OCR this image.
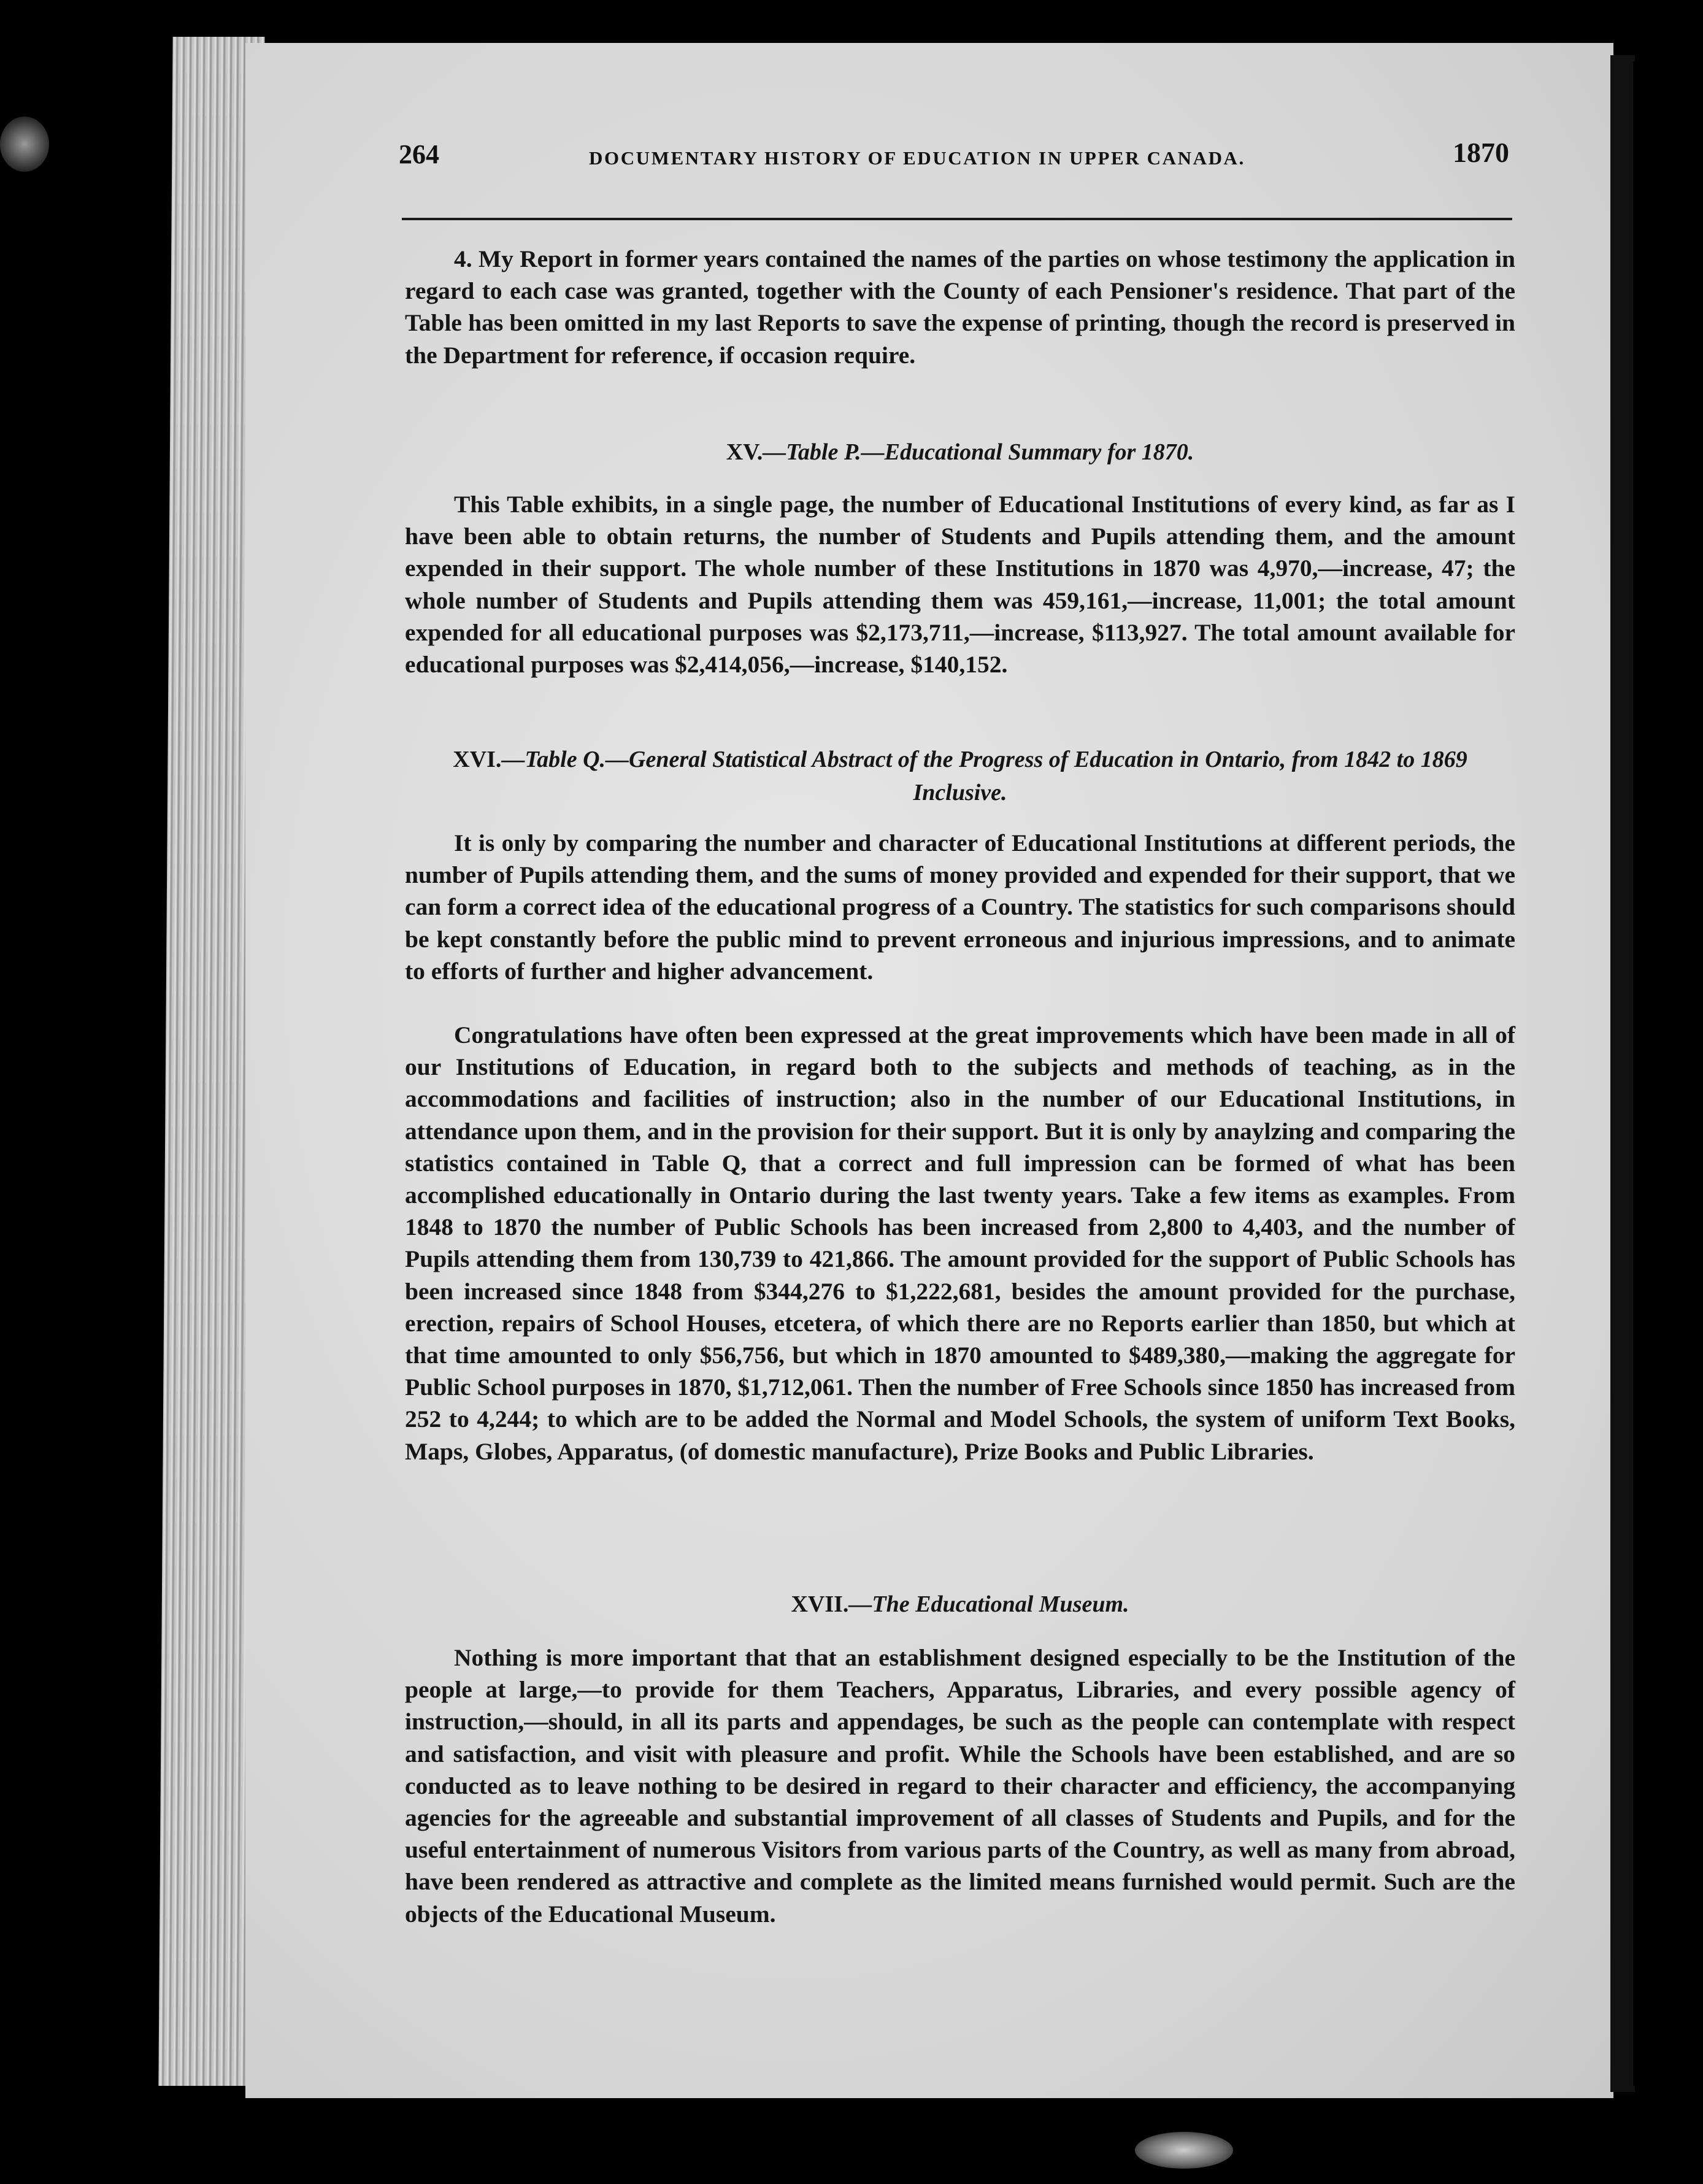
264	DOCUMENTARY HISTORY OF EDUCATION IN UPPER CANADA.	1870

4. My Report in former years contained the names of the parties on whose testimony the application in regard to each case was granted, together with the County of each Pensioner's residence. That part of the Table has been omitted in my last Reports to save the expense of printing, though the record is preserved in the Department for reference, if occasion require.

XV.—Table P.—Educational Summary for 1870.

This Table exhibits, in a single page, the number of Educational Institutions of every kind, as far as I have been able to obtain returns, the number of Students and Pupils attending them, and the amount expended in their support. The whole number of these Institutions in 1870 was 4,970,—increase, 47; the whole number of Students and Pupils attending them was 459,161,—increase, 11,001; the total amount expended for all educational purposes was $2,173,711,—increase, $113,927. The total amount available for educational purposes was $2,414,056,—increase, $140,152.

XVI.—Table Q.—General Statistical Abstract of the Progress of Education in Ontario, from 1842 to 1869 Inclusive.

It is only by comparing the number and character of Educational Institutions at different periods, the number of Pupils attending them, and the sums of money provided and expended for their support, that we can form a correct idea of the educational progress of a Country. The statistics for such comparisons should be kept constantly before the public mind to prevent erroneous and injurious impressions, and to animate to efforts of further and higher advancement.

Congratulations have often been expressed at the great improvements which have been made in all of our Institutions of Education, in regard both to the subjects and methods of teaching, as in the accommodations and facilities of instruction; also in the number of our Educational Institutions, in attendance upon them, and in the provision for their support. But it is only by anaylzing and comparing the statistics contained in Table Q, that a correct and full impression can be formed of what has been accomplished educationally in Ontario during the last twenty years. Take a few items as examples. From 1848 to 1870 the number of Public Schools has been increased from 2,800 to 4,403, and the number of Pupils attending them from 130,739 to 421,866. The amount provided for the support of Public Schools has been increased since 1848 from $344,276 to $1,222,681, besides the amount provided for the purchase, erection, repairs of School Houses, etcetera, of which there are no Reports earlier than 1850, but which at that time amounted to only $56,756, but which in 1870 amounted to $489,380,—making the aggregate for Public School purposes in 1870, $1,712,061. Then the number of Free Schools since 1850 has increased from 252 to 4,244; to which are to be added the Normal and Model Schools, the system of uniform Text Books, Maps, Globes, Apparatus, (of domestic manufacture), Prize Books and Public Libraries.

XVII.—The Educational Museum.

Nothing is more important that that an establishment designed especially to be the Institution of the people at large,—to provide for them Teachers, Apparatus, Libraries, and every possible agency of instruction,—should, in all its parts and appendages, be such as the people can contemplate with respect and satisfaction, and visit with pleasure and profit. While the Schools have been established, and are so conducted as to leave nothing to be desired in regard to their character and efficiency, the accompanying agencies for the agreeable and substantial improvement of all classes of Students and Pupils, and for the useful entertainment of numerous Visitors from various parts of the Country, as well as many from abroad, have been rendered as attractive and complete as the limited means furnished would permit. Such are the objects of the Educational Museum.
